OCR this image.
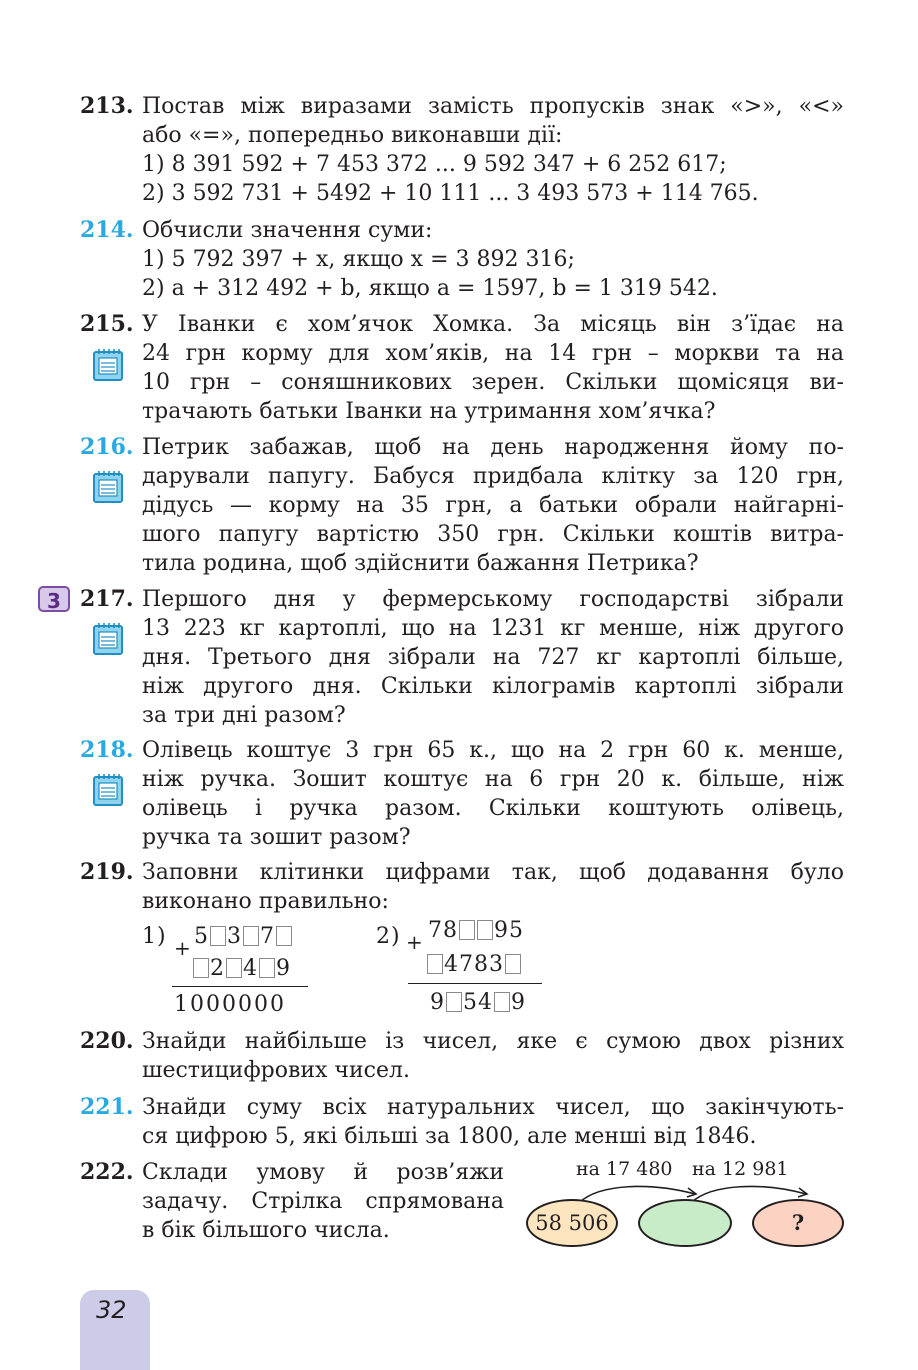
213. Постав між виразами замість пропусків знак «>», «<»
або «=», попередньо виконавши дії:
1) 8 391 592 + 7 453 372 ... 9 592 347 + 6 252 617;
2) 3 592 731 + 5492 + 10 111 ... 3 493 573 + 114 765.
214. Обчисли значення суми:
1) 5 792 397 + x, якщо x = 3 892 316;
2) a + 312 492 + b, якщо a = 1597, b = 1 319 542.
215. У Іванки є хом’ячок Хомка. За місяць він з’їдає на
24 грн корму для хом’яків, на 14 грн – моркви та на
10 грн – соняшникових зерен. Скільки щомісяця ви-
трачають батьки Іванки на утримання хом’ячка?
216. Петрик забажав, щоб на день народження йому по-
дарували папугу. Бабуся придбала клітку за 120 грн,
дідусь — корму на 35 грн, а батьки обрали найгарні-
шого папугу вартістю 350 грн. Скільки коштів витра-
тила родина, щоб здійснити бажання Петрика?
3 217. Першого дня у фермерському господарстві зібрали
13 223 кг картоплі, що на 1231 кг менше, ніж другого
дня. Третього дня зібрали на 727 кг картоплі більше,
ніж другого дня. Скільки кілограмів картоплі зібрали
за три дні разом?
218. Олівець коштує 3 грн 65 к., що на 2 грн 60 к. менше,
ніж ручка. Зошит коштує на 6 грн 20 к. більше, ніж
олівець і ручка разом. Скільки коштують олівець,
ручка та зошит разом?
219. Заповни клітинки цифрами так, щоб додавання було
виконано правильно:
1) + 5 3 7
2 4 9
1000000
2) + 78 95
4783
9 54 9
220. Знайди найбільше із чисел, яке є сумою двох різних
шестицифрових чисел.
221. Знайди суму всіх натуральних чисел, що закінчують-
ся цифрою 5, які більші за 1800, але менші від 1846.
222. Склади умову й розв’яжи
задачу. Стрілка спрямована
в бік більшого числа.
на 17 480 на 12 981
58 506	?
32
